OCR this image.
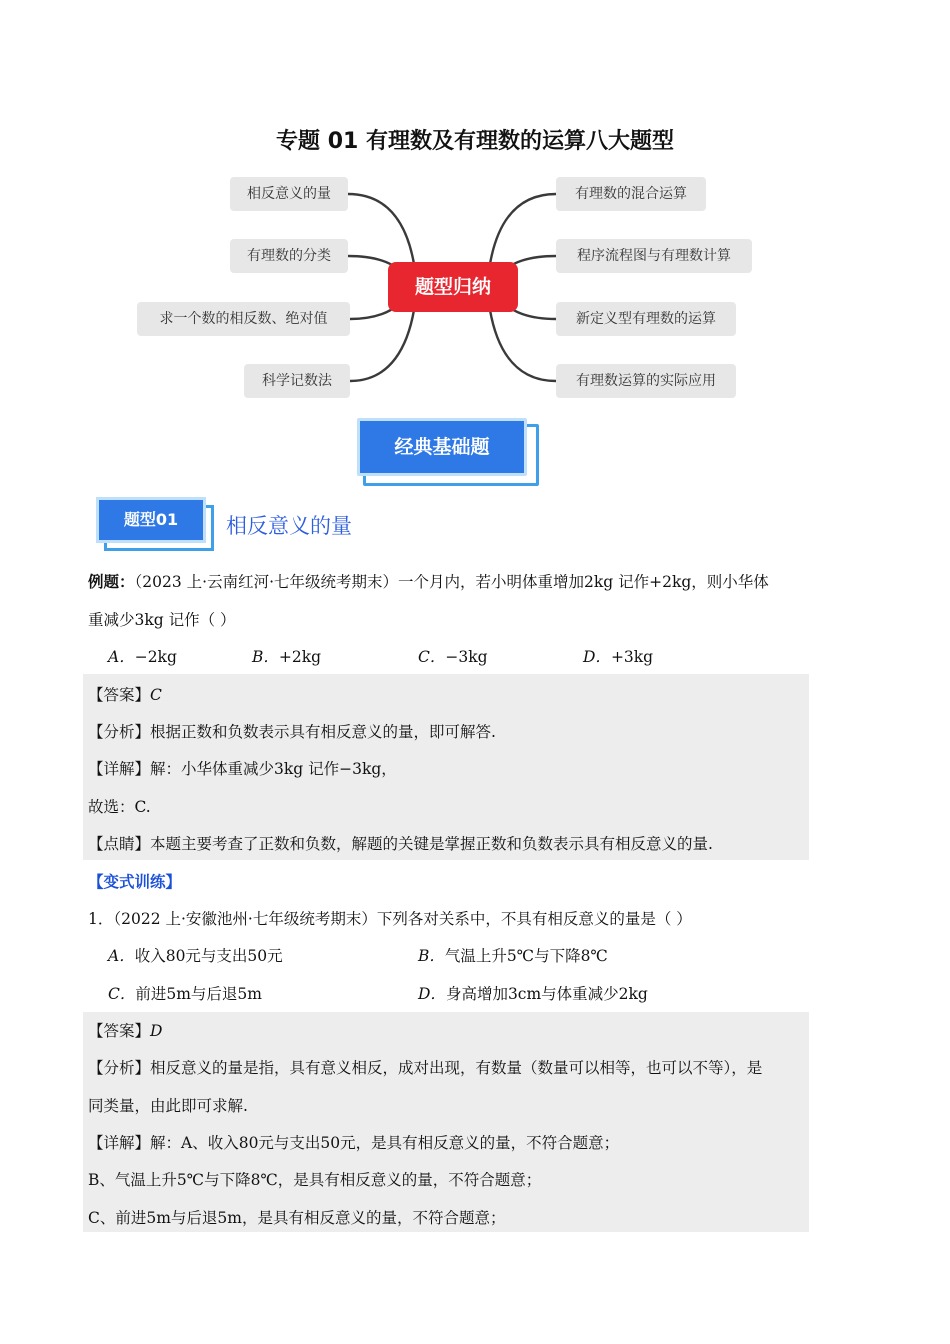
专题 01 有理数及有理数的运算八大题型
相反意义的量
有理数的分类
求一个数的相反数、绝对值
科学记数法
有理数的混合运算
程序流程图与有理数计算
新定义型有理数的运算
有理数运算的实际应用
题型归纳
经典基础题
题型01	相反意义的量
例题：（2023 上·云南红河·七年级统考期末）一个月内，若小明体重增加2kg 记作+2kg，则小华体
重减少3kg 记作（ ）
A．−2kg	B．+2kg	C．−3kg	D．+3kg
【答案】C
【分析】根据正数和负数表示具有相反意义的量，即可解答.
【详解】解：小华体重减少3kg 记作−3kg，
故选：C.
【点睛】本题主要考查了正数和负数，解题的关键是掌握正数和负数表示具有相反意义的量.
【变式训练】
1．（2022 上·安徽池州·七年级统考期末）下列各对关系中，不具有相反意义的量是（ ）
A．收入80元与支出50元	B．气温上升5℃与下降8℃
C．前进5m与后退5m	D．身高增加3cm与体重减少2kg
【答案】D
【分析】相反意义的量是指，具有意义相反，成对出现，有数量（数量可以相等，也可以不等），是
同类量，由此即可求解.
【详解】解：A、收入80元与支出50元，是具有相反意义的量，不符合题意；
B、气温上升5℃与下降8℃，是具有相反意义的量，不符合题意；
C、前进5m与后退5m，是具有相反意义的量，不符合题意；
